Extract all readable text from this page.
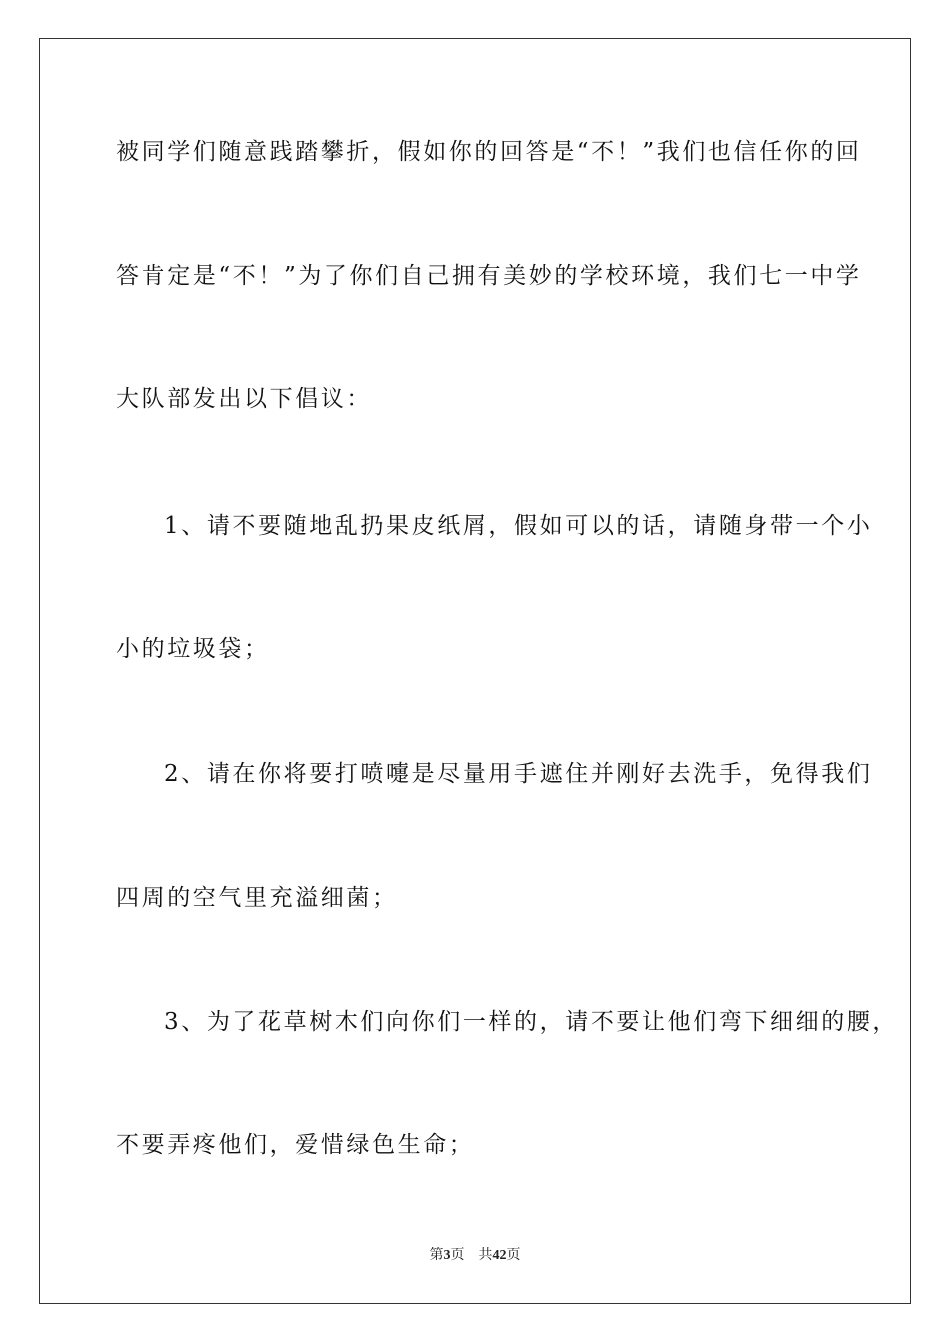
被同学们随意践踏攀折，假如你的回答是“不！”我们也信任你的回
答肯定是“不！”为了你们自己拥有美妙的学校环境，我们七一中学
大队部发出以下倡议：
1、请不要随地乱扔果皮纸屑，假如可以的话，请随身带一个小
小的垃圾袋；
2、请在你将要打喷嚏是尽量用手遮住并刚好去洗手，免得我们
四周的空气里充溢细菌；
3、为了花草树木们向你们一样的，请不要让他们弯下细细的腰，
不要弄疼他们，爱惜绿色生命；
第3页 共42页
